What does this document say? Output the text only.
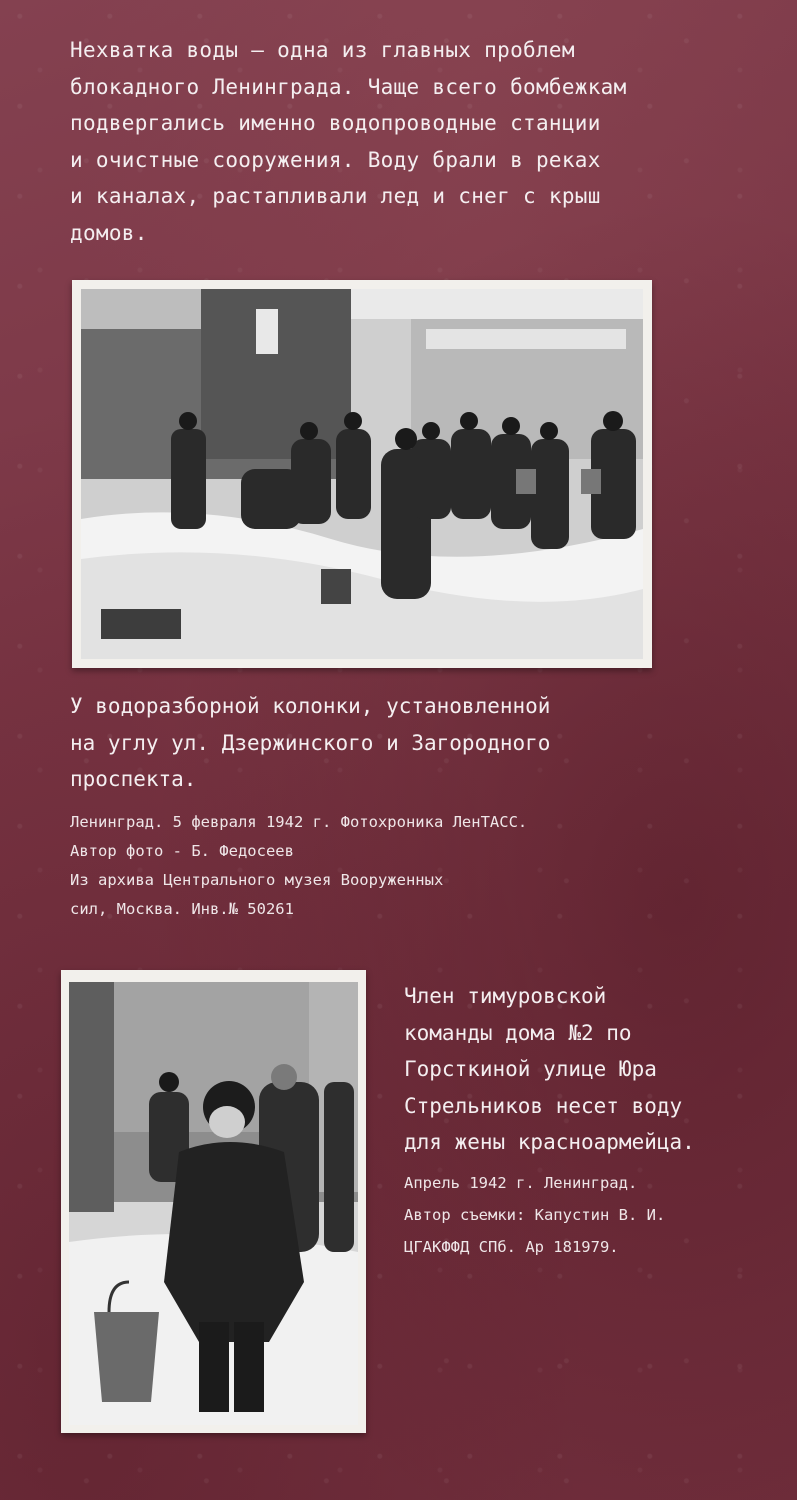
Нехватка воды — одна из главных проблем
блокадного Ленинграда. Чаще всего бомбежкам
подвергались именно водопроводные станции
и очистные сооружения. Воду брали в реках
и каналах, растапливали лед и снег с крыш
домов.
У водоразборной колонки, установленной
на углу ул. Дзержинского и Загородного
проспекта.
Ленинград. 5 февраля 1942 г. Фотохроника ЛенТАСС.
Автор фото - Б. Федосеев
Из архива Центрального музея Вооруженных
сил, Москва. Инв.№ 50261
Член тимуровской
команды дома №2 по
Горсткиной улице Юра
Стрельников несет воду
для жены красноармейца.
Апрель 1942 г. Ленинград.
Автор съемки: Капустин В. И.
ЦГАКФФД СПб. Ар 181979.
